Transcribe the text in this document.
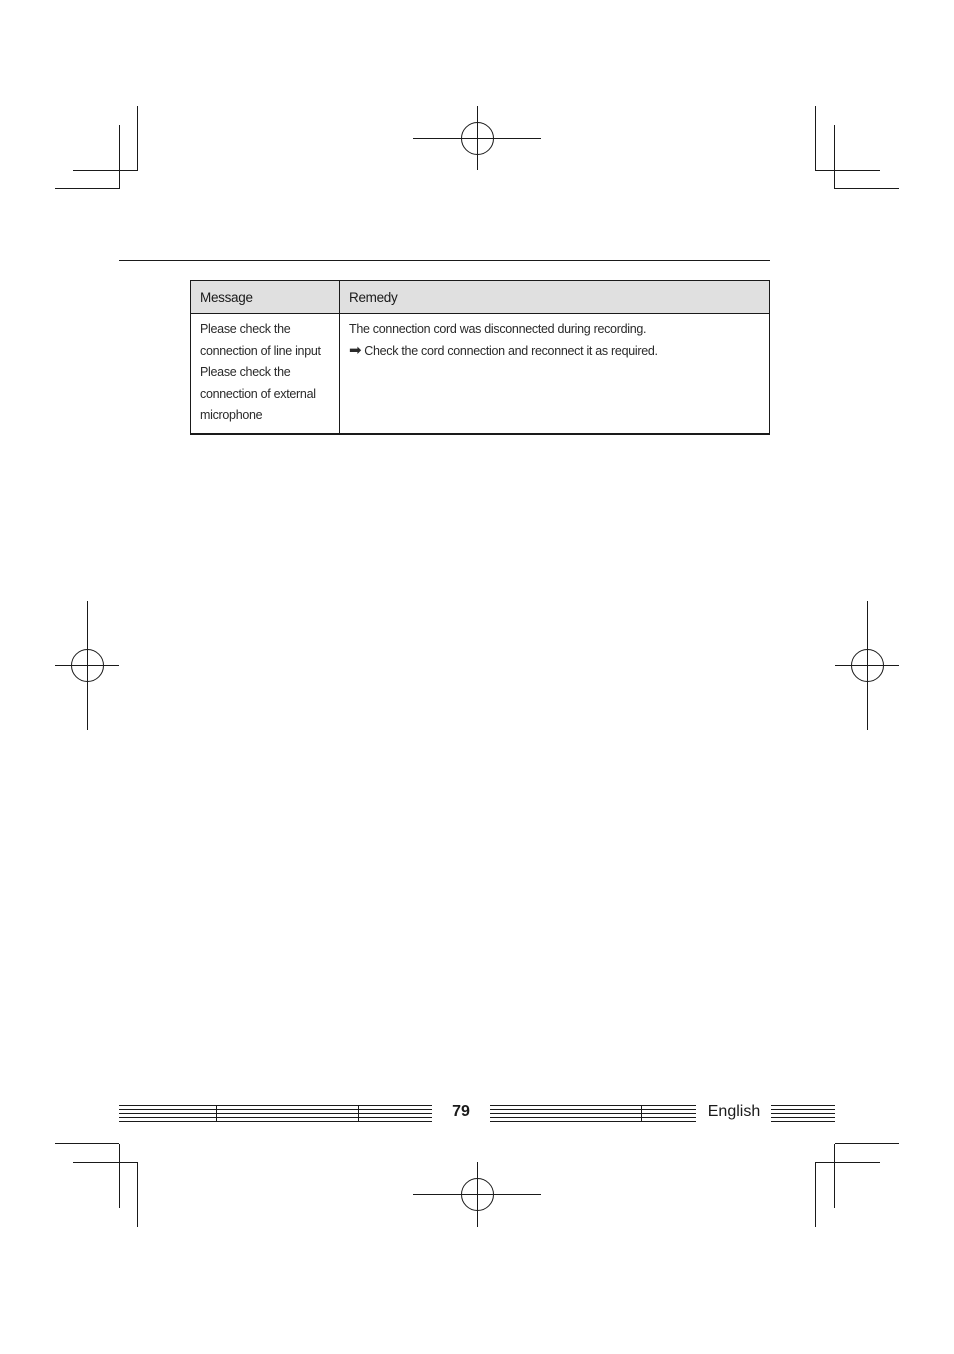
Message	Remedy

Please check the
connection of line input
Please check the
connection of external
microphone	The connection cord was disconnected during recording.
➡ Check the cord connection and reconnect it as required.
79	English
